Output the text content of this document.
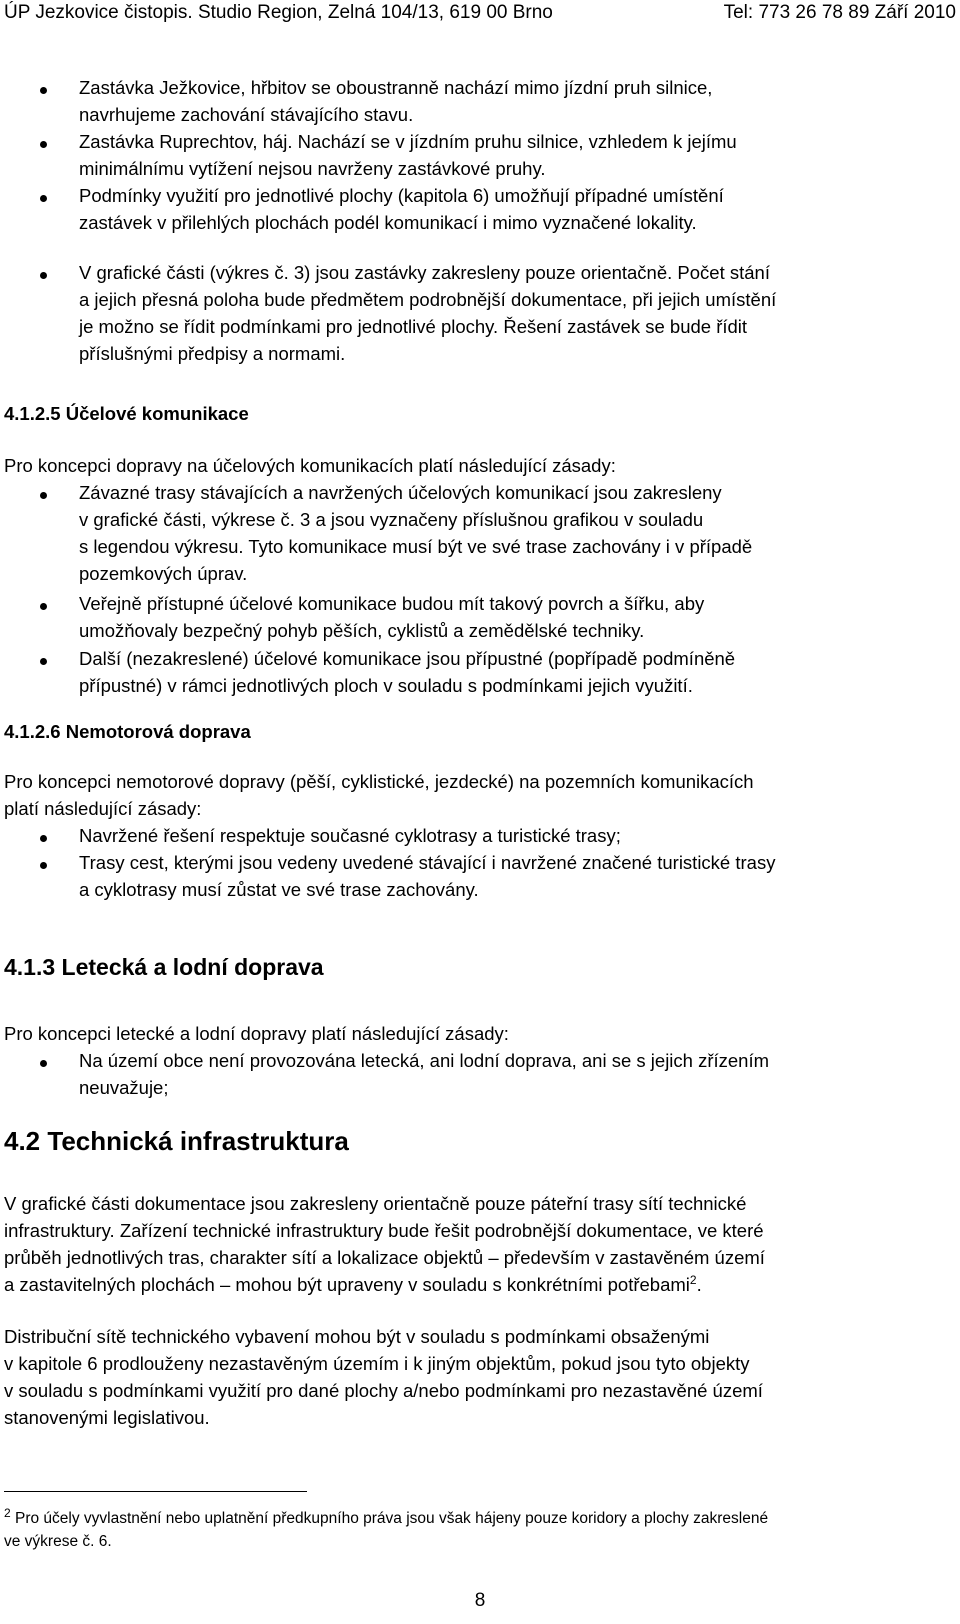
ÚP Jezkovice čistopis. Studio Region, Zelná 104/13, 619 00 Brno	Tel: 773 26 78 89 Září 2010
Zastávka Ježkovice, hřbitov se oboustranně nachází mimo jízdní pruh silnice,
navrhujeme zachování stávajícího stavu.
Zastávka Ruprechtov, háj. Nachází se v jízdním pruhu silnice, vzhledem k jejímu
minimálnímu vytížení nejsou navrženy zastávkové pruhy.
Podmínky využití pro jednotlivé plochy (kapitola 6) umožňují případné umístění
zastávek v přilehlých plochách podél komunikací i mimo vyznačené lokality.
V grafické části (výkres č. 3) jsou zastávky zakresleny pouze orientačně. Počet stání
a jejich přesná poloha bude předmětem podrobnější dokumentace, při jejich umístění
je možno se řídit podmínkami pro jednotlivé plochy. Řešení zastávek se bude řídit
příslušnými předpisy a normami.
4.1.2.5 Účelové komunikace
Pro koncepci dopravy na účelových komunikacích platí následující zásady:
Závazné trasy stávajících a navržených účelových komunikací jsou zakresleny
v grafické části, výkrese č. 3 a jsou vyznačeny příslušnou grafikou v souladu
s legendou výkresu. Tyto komunikace musí být ve své trase zachovány i v případě
pozemkových úprav.
Veřejně přístupné účelové komunikace budou mít takový povrch a šířku, aby
umožňovaly bezpečný pohyb pěších, cyklistů a zemědělské techniky.
Další (nezakreslené) účelové komunikace jsou přípustné (popřípadě podmíněně
přípustné) v rámci jednotlivých ploch v souladu s podmínkami jejich využití.
4.1.2.6 Nemotorová doprava
Pro koncepci nemotorové dopravy (pěší, cyklistické, jezdecké) na pozemních komunikacích
platí následující zásady:
Navržené řešení respektuje současné cyklotrasy a turistické trasy;
Trasy cest, kterými jsou vedeny uvedené stávající i navržené značené turistické trasy
a cyklotrasy musí zůstat ve své trase zachovány.
4.1.3 Letecká a lodní doprava
Pro koncepci letecké a lodní dopravy platí následující zásady:
Na území obce není provozována letecká, ani lodní doprava, ani se s jejich zřízením
neuvažuje;
4.2 Technická infrastruktura
V grafické části dokumentace jsou zakresleny orientačně pouze páteřní trasy sítí technické
infrastruktury. Zařízení technické infrastruktury bude řešit podrobnější dokumentace, ve které
průběh jednotlivých tras, charakter sítí a lokalizace objektů – především v zastavěném území
a zastavitelných plochách – mohou být upraveny v souladu s konkrétními potřebami$^2$.
Distribuční sítě technického vybavení mohou být v souladu s podmínkami obsaženými
v kapitole 6 prodlouženy nezastavěným územím i k jiným objektům, pokud jsou tyto objekty
v souladu s podmínkami využití pro dané plochy a/nebo podmínkami pro nezastavěné území
stanovenými legislativou.
$^2$ Pro účely vyvlastnění nebo uplatnění předkupního práva jsou však hájeny pouze koridory a plochy zakreslené
ve výkrese č. 6.
8
